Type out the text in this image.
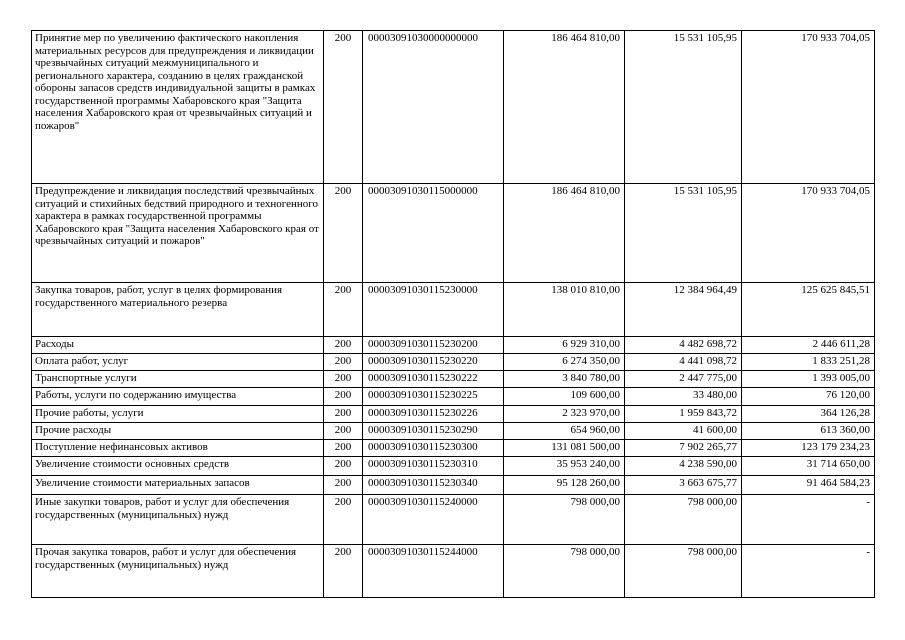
Принятие мер по увеличению фактического накопления материальных ресурсов для предупреждения и ликвидации чрезвычайных ситуаций межмуниципального и регионального характера, созданию в целях гражданской обороны запасов средств индивидуальной защиты в рамках государственной программы Хабаровского края "Защита населения Хабаровского края от чрезвычайных ситуаций и пожаров"	200	00003091030000000000	186 464 810,00	15 531 105,95	170 933 704,05
Предупреждение и ликвидация последствий чрезвычайных ситуаций и стихийных бедствий природного и техногенного характера в рамках государственной программы Хабаровского края "Защита населения Хабаровского края от чрезвычайных ситуаций и пожаров"	200	00003091030115000000	186 464 810,00	15 531 105,95	170 933 704,05
Закупка товаров, работ, услуг в целях формирования государственного материального резерва	200	00003091030115230000	138 010 810,00	12 384 964,49	125 625 845,51
Расходы	200	00003091030115230200	6 929 310,00	4 482 698,72	2 446 611,28
Оплата работ, услуг	200	00003091030115230220	6 274 350,00	4 441 098,72	1 833 251,28
Транспортные услуги	200	00003091030115230222	3 840 780,00	2 447 775,00	1 393 005,00
Работы, услуги по содержанию имущества	200	00003091030115230225	109 600,00	33 480,00	76 120,00
Прочие работы, услуги	200	00003091030115230226	2 323 970,00	1 959 843,72	364 126,28
Прочие расходы	200	00003091030115230290	654 960,00	41 600,00	613 360,00
Поступление нефинансовых активов	200	00003091030115230300	131 081 500,00	7 902 265,77	123 179 234,23
Увеличение стоимости основных средств	200	00003091030115230310	35 953 240,00	4 238 590,00	31 714 650,00
Увеличение стоимости материальных запасов	200	00003091030115230340	95 128 260,00	3 663 675,77	91 464 584,23
Иные закупки товаров, работ и услуг для обеспечения государственных (муниципальных) нужд	200	00003091030115240000	798 000,00	798 000,00	-
Прочая закупка товаров, работ и услуг для обеспечения государственных (муниципальных) нужд	200	00003091030115244000	798 000,00	798 000,00	-
